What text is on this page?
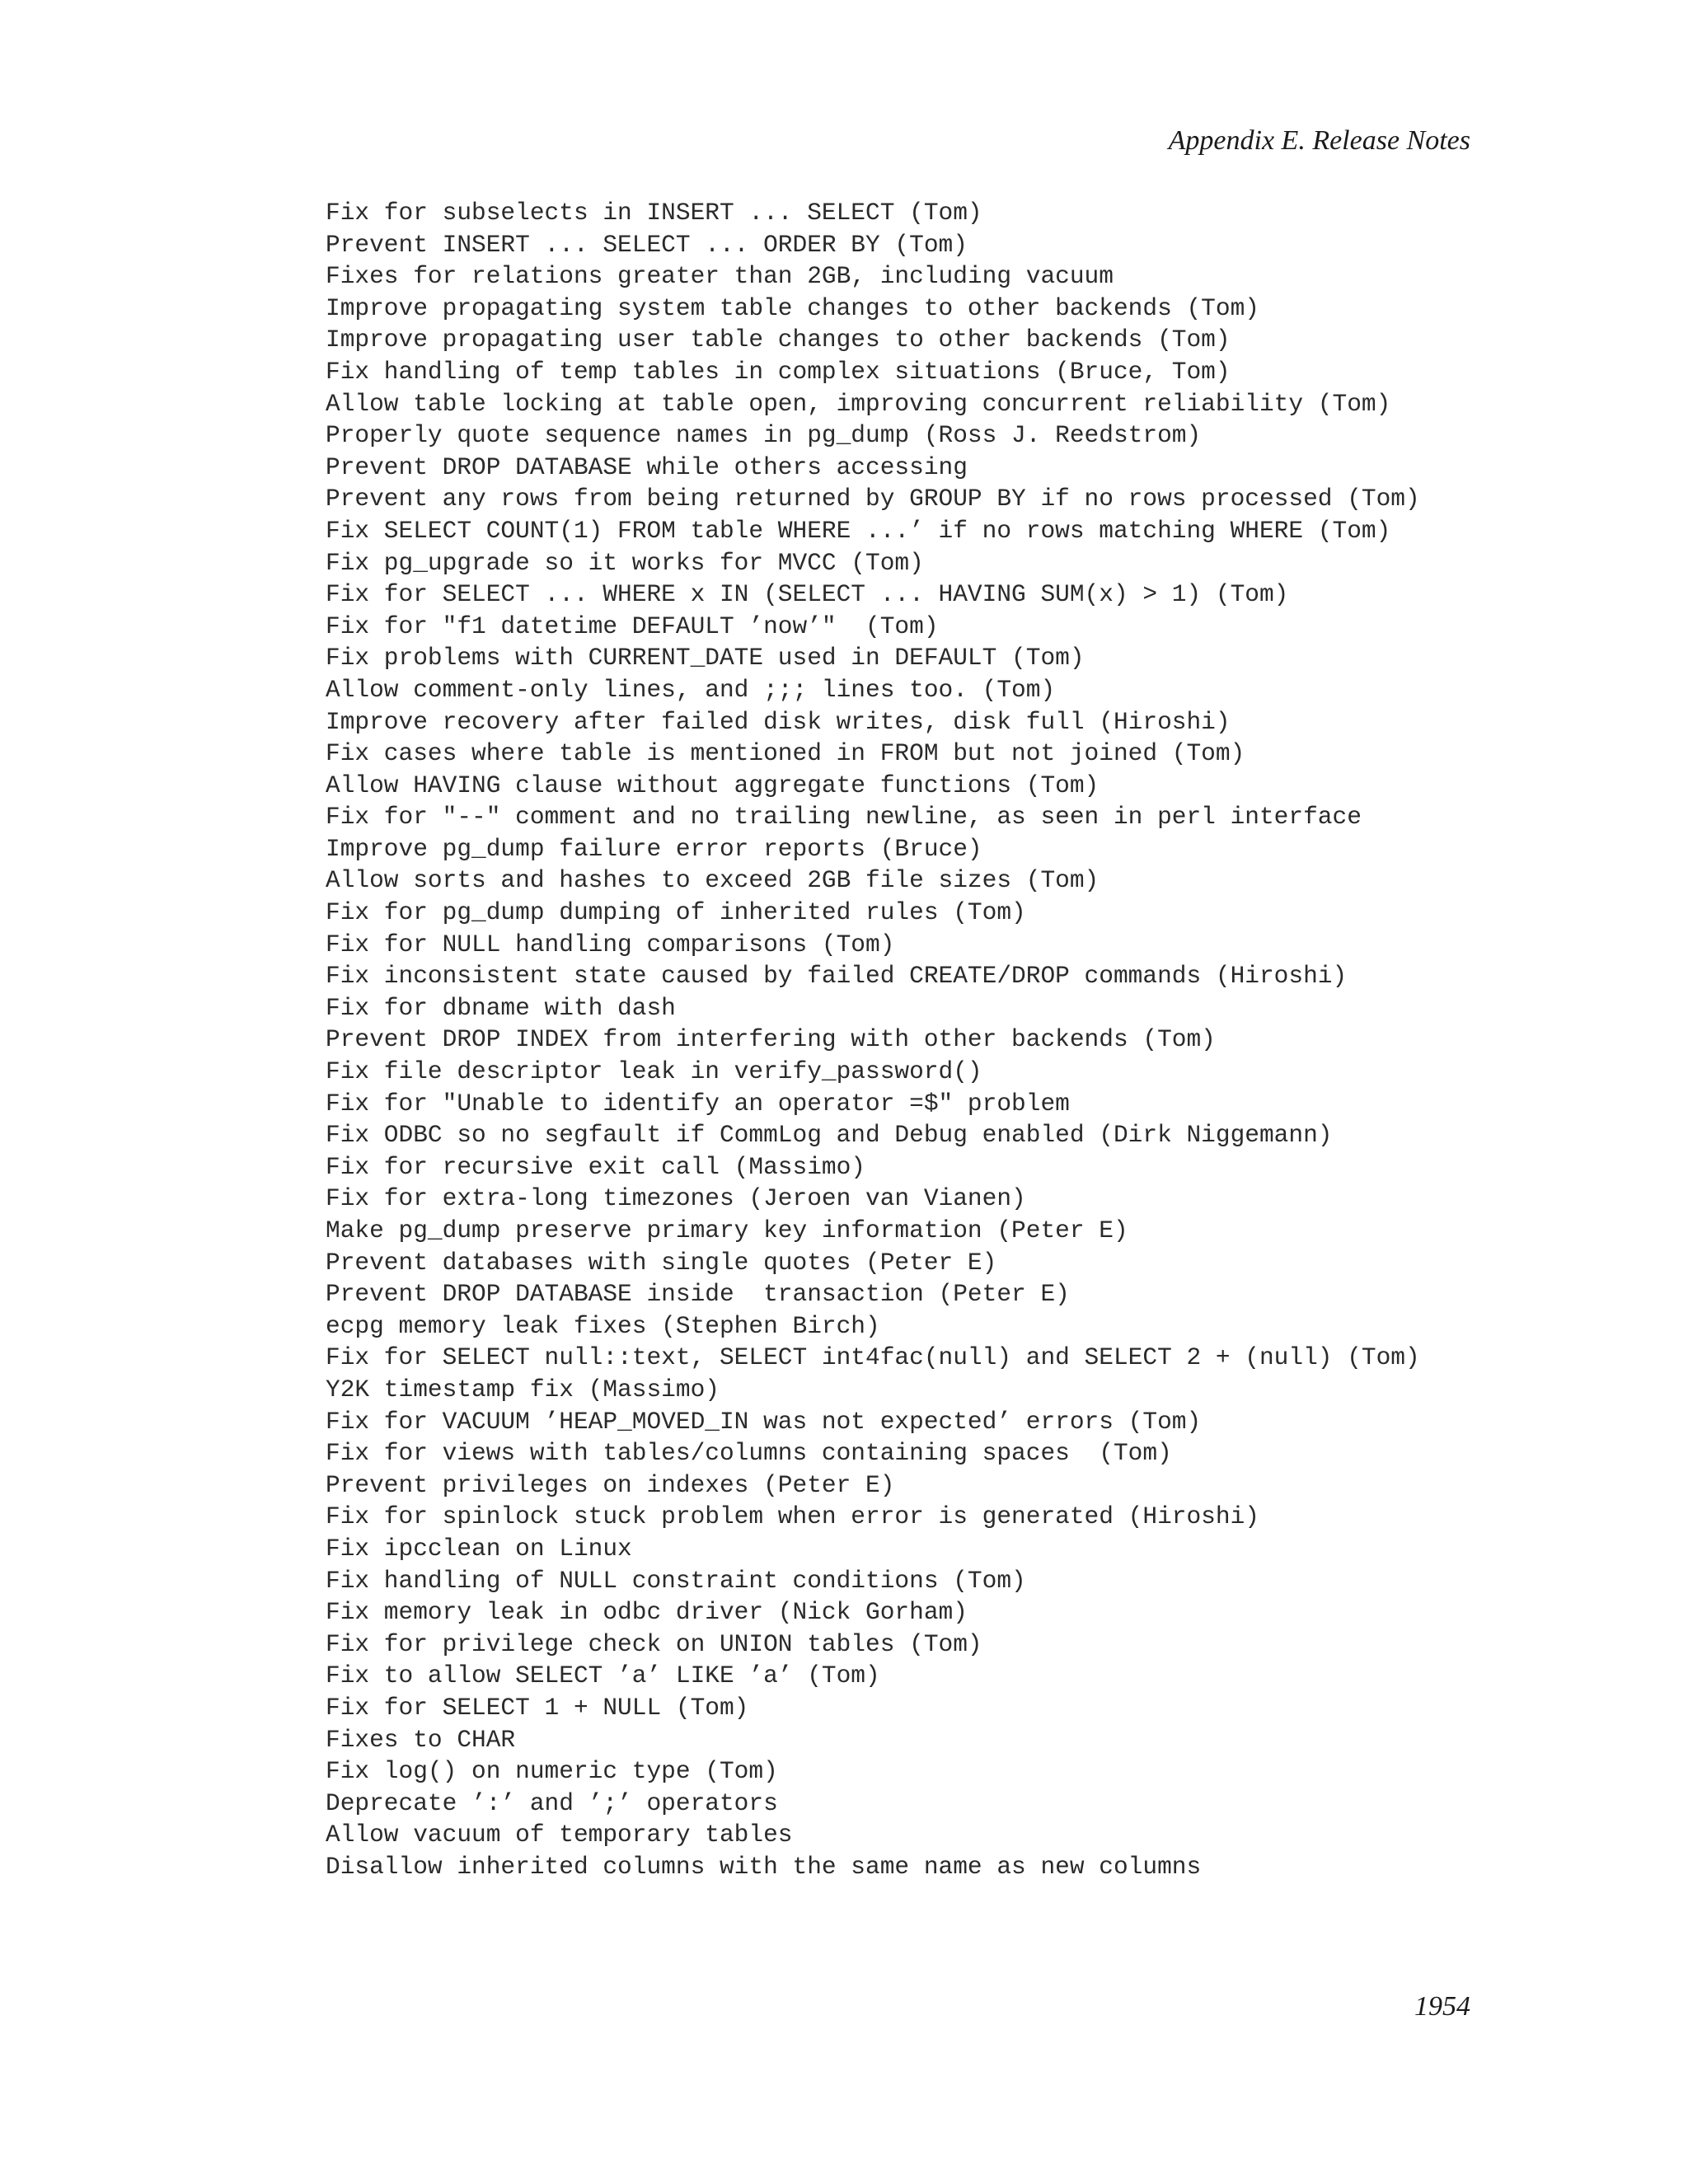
Appendix E. Release Notes
Fix for subselects in INSERT ... SELECT (Tom)
Prevent INSERT ... SELECT ... ORDER BY (Tom)
Fixes for relations greater than 2GB, including vacuum
Improve propagating system table changes to other backends (Tom)
Improve propagating user table changes to other backends (Tom)
Fix handling of temp tables in complex situations (Bruce, Tom)
Allow table locking at table open, improving concurrent reliability (Tom)
Properly quote sequence names in pg_dump (Ross J. Reedstrom)
Prevent DROP DATABASE while others accessing
Prevent any rows from being returned by GROUP BY if no rows processed (Tom)
Fix SELECT COUNT(1) FROM table WHERE ...’ if no rows matching WHERE (Tom)
Fix pg_upgrade so it works for MVCC (Tom)
Fix for SELECT ... WHERE x IN (SELECT ... HAVING SUM(x) > 1) (Tom)
Fix for "f1 datetime DEFAULT ’now’"  (Tom)
Fix problems with CURRENT_DATE used in DEFAULT (Tom)
Allow comment-only lines, and ;;; lines too. (Tom)
Improve recovery after failed disk writes, disk full (Hiroshi)
Fix cases where table is mentioned in FROM but not joined (Tom)
Allow HAVING clause without aggregate functions (Tom)
Fix for "--" comment and no trailing newline, as seen in perl interface
Improve pg_dump failure error reports (Bruce)
Allow sorts and hashes to exceed 2GB file sizes (Tom)
Fix for pg_dump dumping of inherited rules (Tom)
Fix for NULL handling comparisons (Tom)
Fix inconsistent state caused by failed CREATE/DROP commands (Hiroshi)
Fix for dbname with dash
Prevent DROP INDEX from interfering with other backends (Tom)
Fix file descriptor leak in verify_password()
Fix for "Unable to identify an operator =$" problem
Fix ODBC so no segfault if CommLog and Debug enabled (Dirk Niggemann)
Fix for recursive exit call (Massimo)
Fix for extra-long timezones (Jeroen van Vianen)
Make pg_dump preserve primary key information (Peter E)
Prevent databases with single quotes (Peter E)
Prevent DROP DATABASE inside  transaction (Peter E)
ecpg memory leak fixes (Stephen Birch)
Fix for SELECT null::text, SELECT int4fac(null) and SELECT 2 + (null) (Tom)
Y2K timestamp fix (Massimo)
Fix for VACUUM ’HEAP_MOVED_IN was not expected’ errors (Tom)
Fix for views with tables/columns containing spaces  (Tom)
Prevent privileges on indexes (Peter E)
Fix for spinlock stuck problem when error is generated (Hiroshi)
Fix ipcclean on Linux
Fix handling of NULL constraint conditions (Tom)
Fix memory leak in odbc driver (Nick Gorham)
Fix for privilege check on UNION tables (Tom)
Fix to allow SELECT ’a’ LIKE ’a’ (Tom)
Fix for SELECT 1 + NULL (Tom)
Fixes to CHAR
Fix log() on numeric type (Tom)
Deprecate ’:’ and ’;’ operators
Allow vacuum of temporary tables
Disallow inherited columns with the same name as new columns
1954
